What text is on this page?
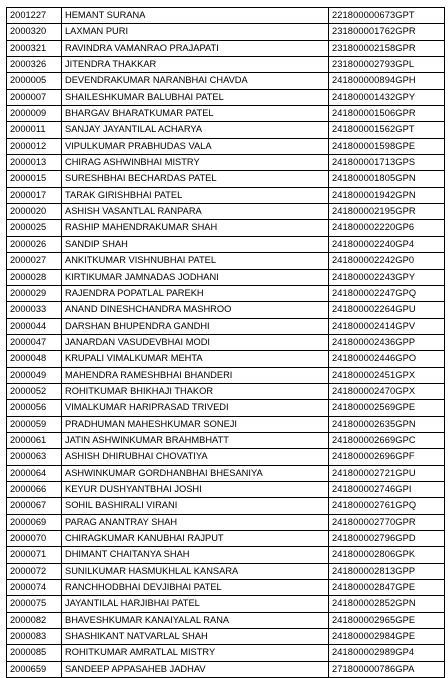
2001227	HEMANT SURANA	221800000673GPT
2000320	LAXMAN PURI	231800001762GPR
2000321	RAVINDRA VAMANRAO PRAJAPATI	231800002158GPR
2000326	JITENDRA THAKKAR	231800002793GPL
2000005	DEVENDRAKUMAR NARANBHAI CHAVDA	241800000894GPH
2000007	SHAILESHKUMAR BALUBHAI PATEL	241800001432GPY
2000009	BHARGAV BHARATKUMAR PATEL	241800001506GPR
2000011	SANJAY JAYANTILAL ACHARYA	241800001562GPT
2000012	VIPULKUMAR PRABHUDAS VALA	241800001598GPE
2000013	CHIRAG ASHWINBHAI MISTRY	241800001713GPS
2000015	SURESHBHAI BECHARDAS PATEL	241800001805GPN
2000017	TARAK GIRISHBHAI PATEL	241800001942GPN
2000020	ASHISH VASANTLAL RANPARA	241800002195GPR
2000025	RASHIP MAHENDRAKUMAR SHAH	241800002220GP6
2000026	SANDIP SHAH	241800002240GP4
2000027	ANKITKUMAR VISHNUBHAI PATEL	241800002242GP0
2000028	KIRTIKUMAR JAMNADAS JODHANI	241800002243GPY
2000029	RAJENDRA POPATLAL PAREKH	241800002247GPQ
2000033	ANAND DINESHCHANDRA MASHROO	241800002264GPU
2000044	DARSHAN BHUPENDRA GANDHI	241800002414GPV
2000047	JANARDAN VASUDEVBHAI MODI	241800002436GPP
2000048	KRUPALI VIMALKUMAR MEHTA	241800002446GPO
2000049	MAHENDRA RAMESHBHAI BHANDERI	241800002451GPX
2000052	ROHITKUMAR BHIKHAJI THAKOR	241800002470GPX
2000056	VIMALKUMAR HARIPRASAD TRIVEDI	241800002569GPE
2000059	PRADHUMAN MAHESHKUMAR SONEJI	241800002635GPN
2000061	JATIN ASHWINKUMAR BRAHMBHATT	241800002669GPC
2000063	ASHISH DHIRUBHAI CHOVATIYA	241800002696GPF
2000064	ASHWINKUMAR GORDHANBHAI BHESANIYA	241800002721GPU
2000066	KEYUR DUSHYANTBHAI JOSHI	241800002746GPI
2000067	SOHIL BASHIRALI VIRANI	241800002761GPQ
2000069	PARAG ANANTRAY SHAH	241800002770GPR
2000070	CHIRAGKUMAR KANUBHAI RAJPUT	241800002796GPD
2000071	DHIMANT CHAITANYA SHAH	241800002806GPK
2000072	SUNILKUMAR HASMUKHLAL KANSARA	241800002813GPP
2000074	RANCHHODBHAI DEVJIBHAI PATEL	241800002847GPE
2000075	JAYANTILAL HARJIBHAI PATEL	241800002852GPN
2000082	BHAVESHKUMAR KANAIYALAL RANA	241800002965GPE
2000083	SHASHIKANT NATVARLAL SHAH	241800002984GPE
2000085	ROHITKUMAR AMRATLAL MISTRY	241800002989GP4
2000659	SANDEEP APPASAHEB JADHAV	271800000786GPA
